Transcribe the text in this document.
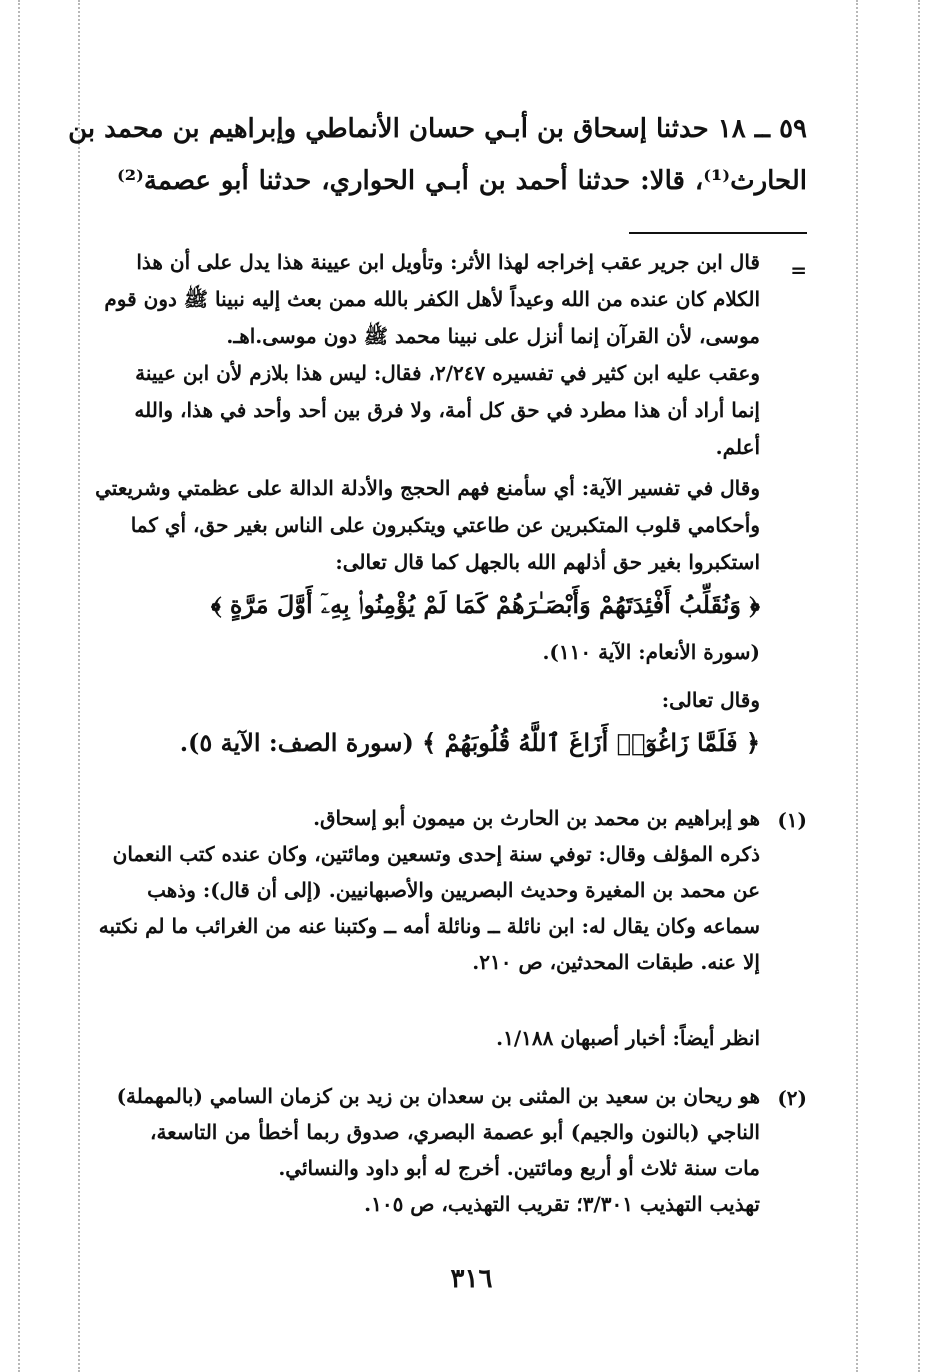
٥٩ ــ ١٨ حدثنا إسحاق بن أبـي حسان الأنماطي وإبراهيم بن محمد بن
الحارث⁽¹⁾، قالا: حدثنا أحمد بن أبـي الحواري، حدثنا أبو عصمة⁽²⁾
=
قال ابن جرير عقب إخراجه لهذا الأثر: وتأويل ابن عيينة هذا يدل على أن هذا
الكلام كان عنده من الله وعيداً لأهل الكفر بالله ممن بعث إليه نبينا ﷺ دون قوم
موسى، لأن القرآن إنما أنزل على نبينا محمد ﷺ دون موسى.اهـ.
وعقب عليه ابن كثير في تفسيره ٢/٢٤٧، فقال: ليس هذا بلازم لأن ابن عيينة
إنما أراد أن هذا مطرد في حق كل أمة، ولا فرق بين أحد وأحد في هذا، والله
أعلم.
وقال في تفسير الآية: أي سأمنع فهم الحجج والأدلة الدالة على عظمتي وشريعتي
وأحكامي قلوب المتكبرين عن طاعتي ويتكبرون على الناس بغير حق، أي كما
استكبروا بغير حق أذلهم الله بالجهل كما قال تعالى:
﴿ وَنُقَلِّبُ أَفْئِدَتَهُمْ وَأَبْصَـٰرَهُمْ كَمَا لَمْ يُؤْمِنُوا۟ بِهِۦٓ أَوَّلَ مَرَّةٍ ﴾
(سورة الأنعام: الآية ١١٠).
وقال تعالى:
﴿ فَلَمَّا زَاغُوٓا۟ أَزَاغَ ٱللَّهُ قُلُوبَهُمْ ﴾ (سورة الصف: الآية ٥).
(١)
هو إبراهيم بن محمد بن الحارث بن ميمون أبو إسحاق.
ذكره المؤلف وقال: توفي سنة إحدى وتسعين ومائتين، وكان عنده كتب النعمان
عن محمد بن المغيرة وحديث البصريين والأصبهانيين. (إلى أن قال): وذهب
سماعه وكان يقال له: ابن نائلة ــ ونائلة أمه ــ وكتبنا عنه من الغرائب ما لم نكتبه
إلا عنه. طبقات المحدثين، ص ٢١٠.
انظر أيضاً: أخبار أصبهان ١/١٨٨.
(٢)
هو ريحان بن سعيد بن المثنى بن سعدان بن زيد بن كزمان السامي (بالمهملة)
الناجي (بالنون والجيم) أبو عصمة البصري، صدوق ربما أخطأ من التاسعة،
مات سنة ثلاث أو أربع ومائتين. أخرج له أبو داود والنسائي.
تهذيب التهذيب ٣/٣٠١؛ تقريب التهذيب، ص ١٠٥.
٣١٦
